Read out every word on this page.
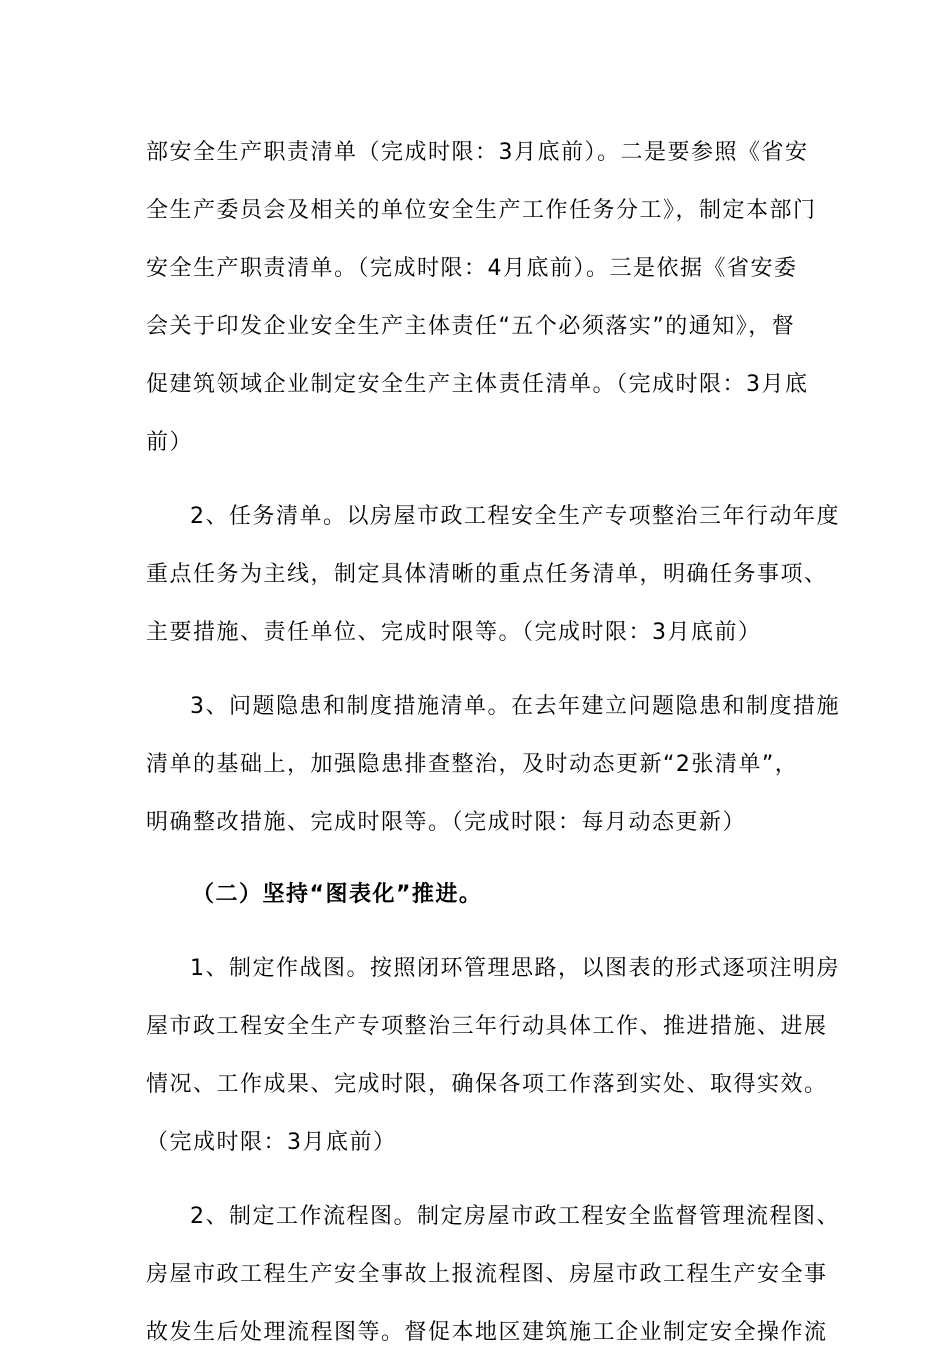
部安全生产职责清单（完成时限：3月底前）。二是要参照《省安
全生产委员会及相关的单位安全生产工作任务分工》，制定本部门
安全生产职责清单。（完成时限：4月底前）。三是依据《省安委
会关于印发企业安全生产主体责任“五个必须落实”的通知》，督
促建筑领域企业制定安全生产主体责任清单。（完成时限：3月底
前）
2、任务清单。以房屋市政工程安全生产专项整治三年行动年度
重点任务为主线，制定具体清晰的重点任务清单，明确任务事项、
主要措施、责任单位、完成时限等。（完成时限：3月底前）
3、问题隐患和制度措施清单。在去年建立问题隐患和制度措施
清单的基础上，加强隐患排查整治，及时动态更新“2张清单”，
明确整改措施、完成时限等。（完成时限：每月动态更新）
（二）坚持“图表化”推进。
1、制定作战图。按照闭环管理思路，以图表的形式逐项注明房
屋市政工程安全生产专项整治三年行动具体工作、推进措施、进展
情况、工作成果、完成时限，确保各项工作落到实处、取得实效。
（完成时限：3月底前）
2、制定工作流程图。制定房屋市政工程安全监督管理流程图、
房屋市政工程生产安全事故上报流程图、房屋市政工程生产安全事
故发生后处理流程图等。督促本地区建筑施工企业制定安全操作流
